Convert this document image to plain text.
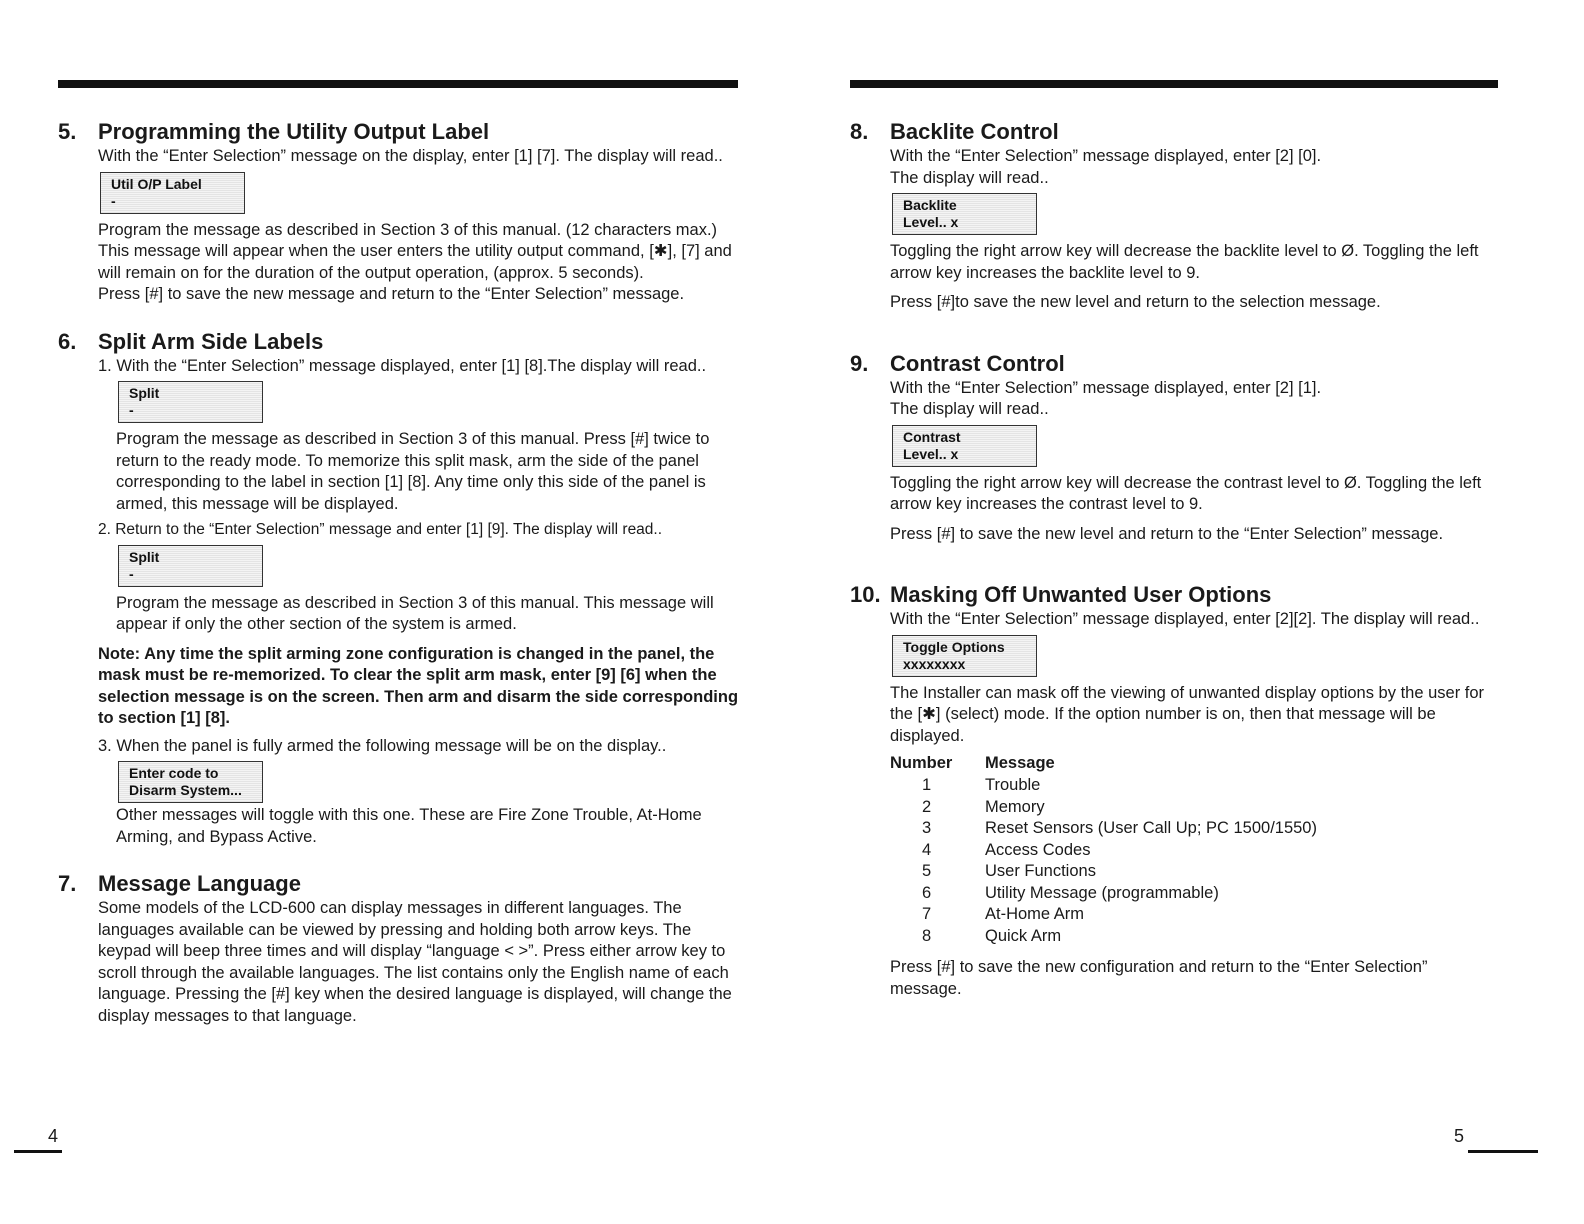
5. Programming the Utility Output Label

With the “Enter Selection” message on the display, enter [1] [7]. The display will read..

Util O/P Label
-

Program the message as described in Section 3 of this manual. (12 characters max.) This message will appear when the user enters the utility output command, [✱], [7] and will remain on for the duration of the output operation, (approx. 5 seconds).

Press [#] to save the new message and return to the “Enter Selection” message.

6. Split Arm Side Labels

1. With the “Enter Selection” message displayed, enter [1] [8].The display will read..

Split
-

Program the message as described in Section 3 of this manual. Press [#] twice to return to the ready mode. To memorize this split mask, arm the side of the panel corresponding to the label in section [1] [8]. Any time only this side of the panel is armed, this message will be displayed.

2. Return to the “Enter Selection” message and enter [1] [9]. The display will read..

Split
-

Program the message as described in Section 3 of this manual. This message will appear if only the other section of the system is armed.

Note: Any time the split arming zone configuration is changed in the panel, the mask must be re-memorized. To clear the split arm mask, enter [9] [6] when the selection message is on the screen. Then arm and disarm the side corresponding to section [1] [8].

3. When the panel is fully armed the following message will be on the display..

Enter code to
Disarm System...

Other messages will toggle with this one. These are Fire Zone Trouble, At-Home Arming, and Bypass Active.

7. Message Language

Some models of the LCD-600 can display messages in different languages. The languages available can be viewed by pressing and holding both arrow keys. The keypad will beep three times and will display “language < >”. Press either arrow key to scroll through the available languages. The list contains only the English name of each language. Pressing the [#] key when the desired language is displayed, will change the display messages to that language.

4
8. Backlite Control

With the “Enter Selection” message displayed, enter [2] [0].

The display will read..

Backlite
Level.. x

Toggling the right arrow key will decrease the backlite level to Ø. Toggling the left arrow key increases the backlite level to 9.

Press [#]to save the new level and return to the selection message.

9. Contrast Control

With the “Enter Selection” message displayed, enter [2] [1].

The display will read..

Contrast
Level.. x

Toggling the right arrow key will decrease the contrast level to Ø. Toggling the left arrow key increases the contrast level to 9.

Press [#] to save the new level and return to the “Enter Selection” message.

10. Masking Off Unwanted User Options

With the “Enter Selection” message displayed, enter [2][2]. The display will read..

Toggle Options
xxxxxxxx

The Installer can mask off the viewing of unwanted display options by the user for the [✱] (select) mode. If the option number is on, then that message will be displayed.

Number	Message
1	Trouble
2	Memory
3	Reset Sensors (User Call Up; PC 1500/1550)
4	Access Codes
5	User Functions
6	Utility Message (programmable)
7	At-Home Arm
8	Quick Arm

Press [#] to save the new configuration and return to the “Enter Selection” message.

5
